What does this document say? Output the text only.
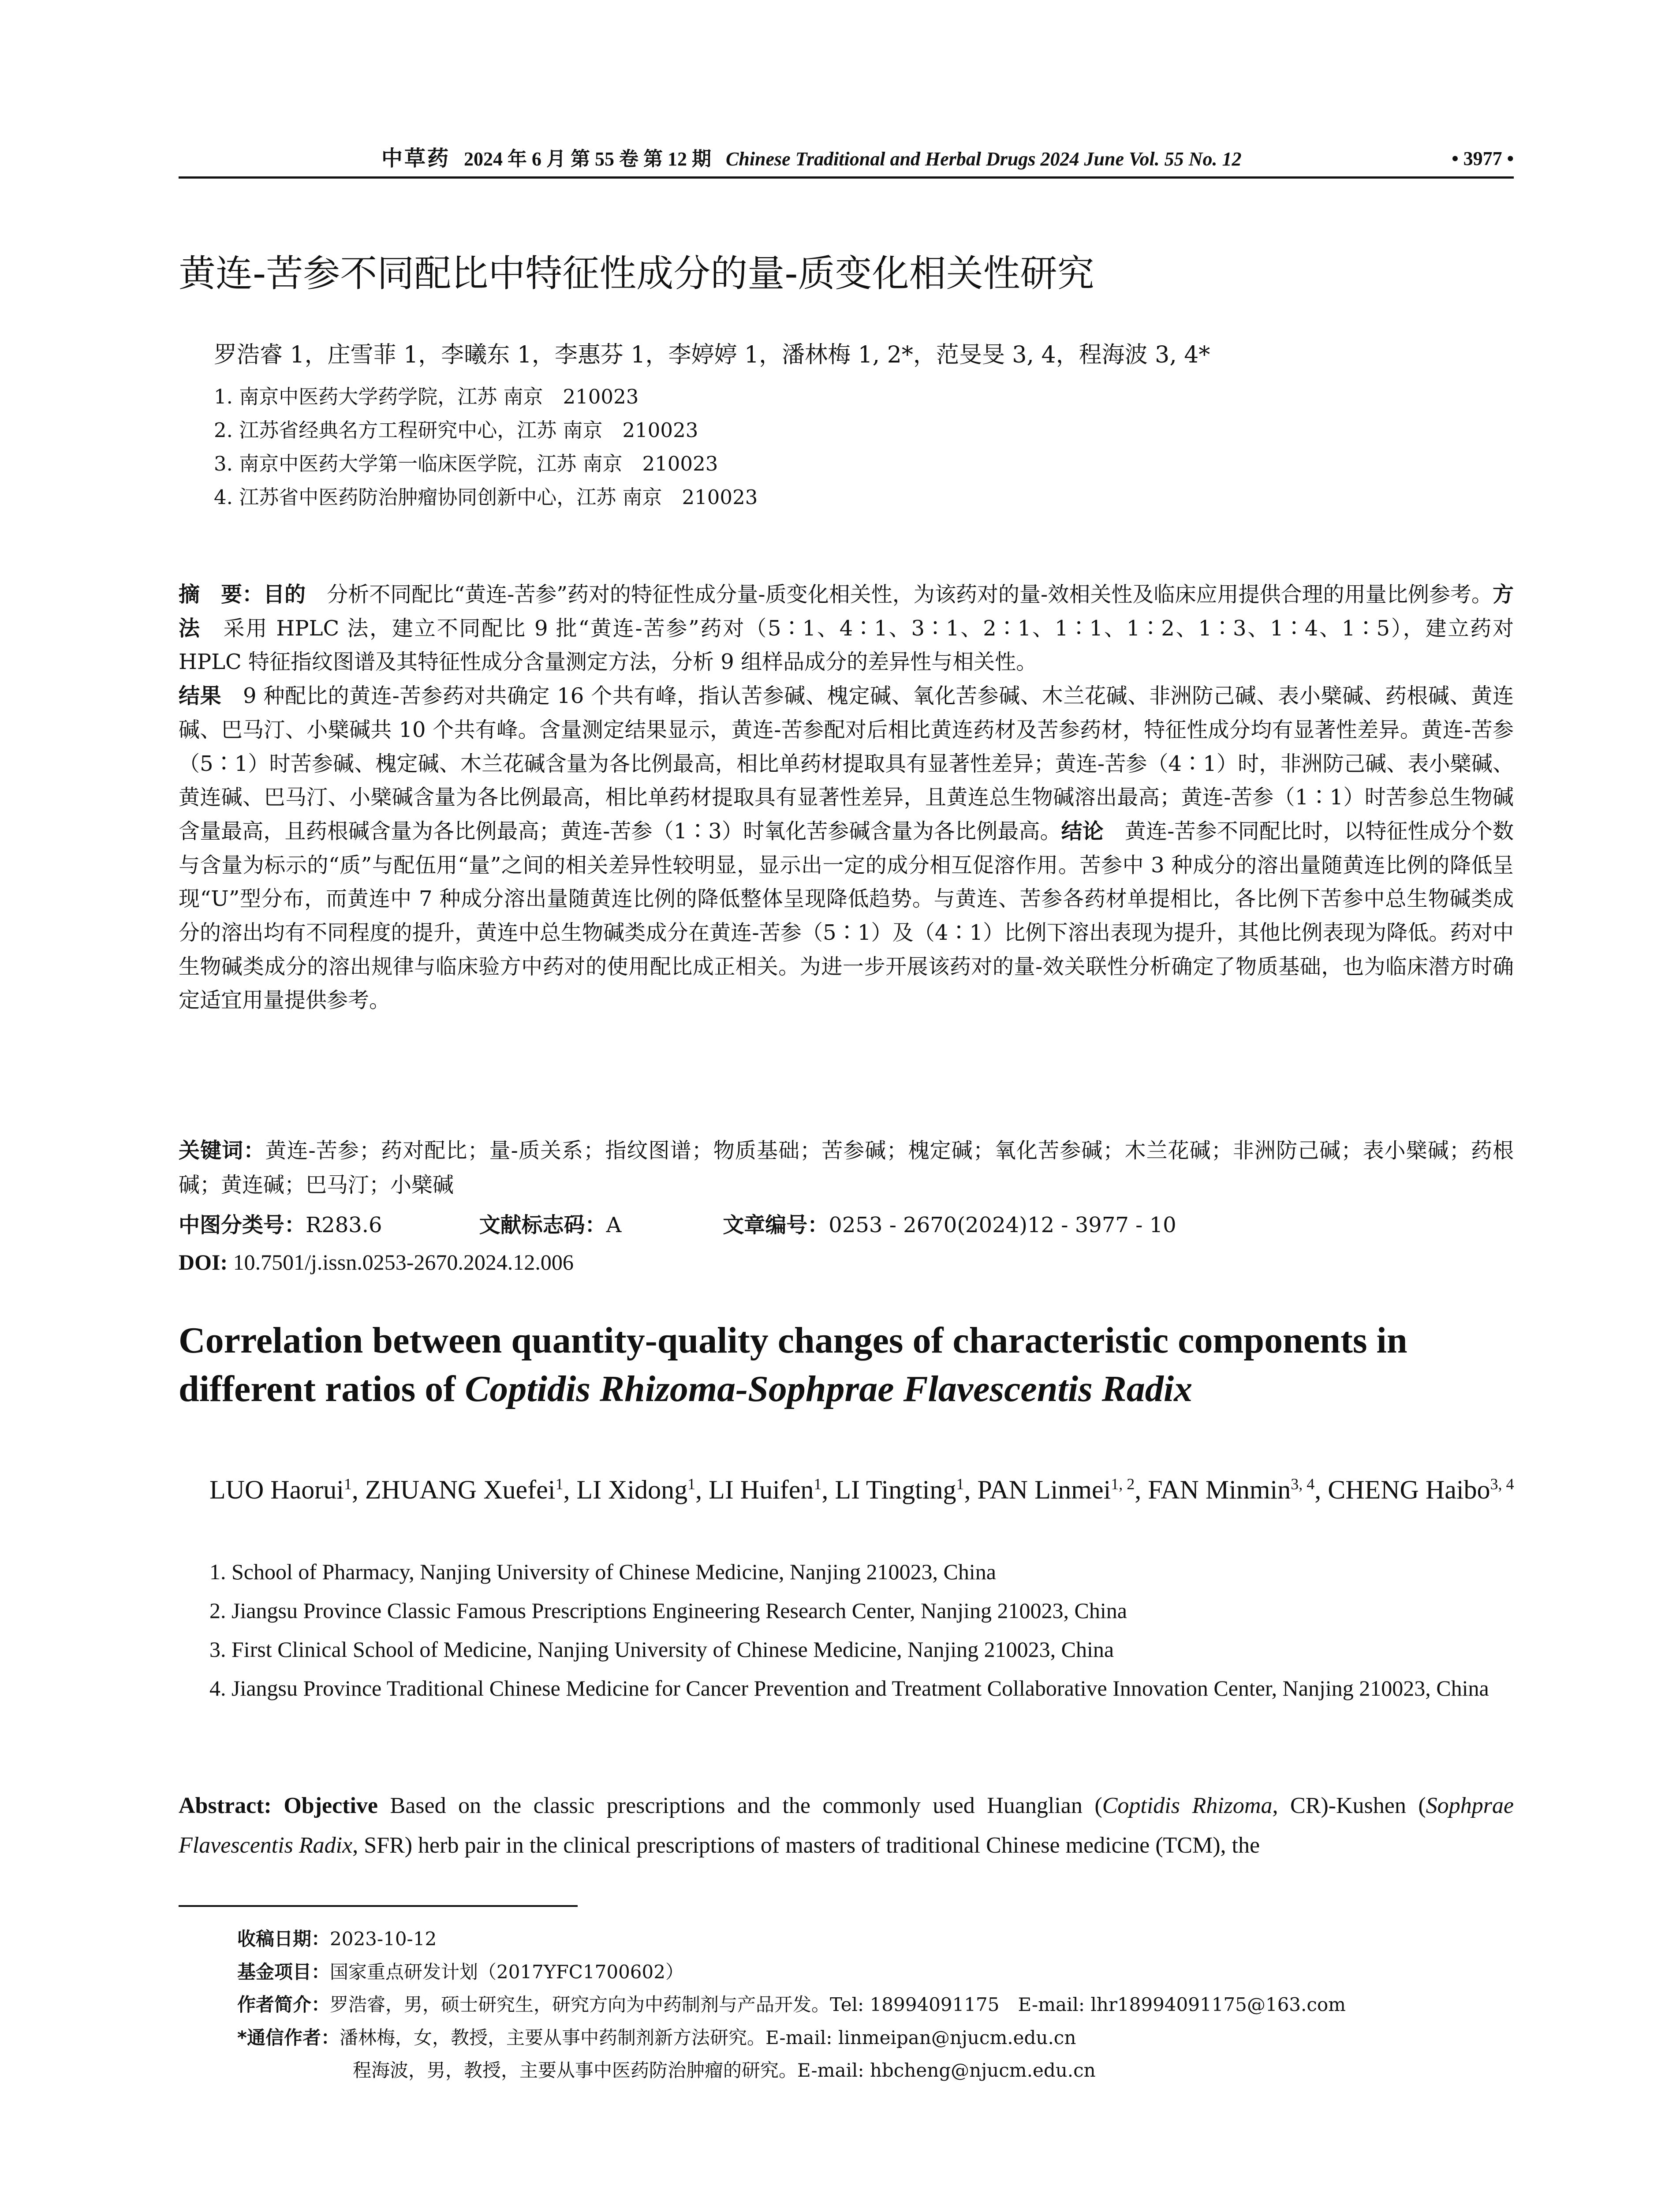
中草药 2024 年 6 月 第 55 卷 第 12 期 Chinese Traditional and Herbal Drugs 2024 June Vol. 55 No. 12	• 3977 •
黄连-苦参不同配比中特征性成分的量-质变化相关性研究
罗浩睿 1，庄雪菲 1，李曦东 1，李惠芬 1，李婷婷 1，潘林梅 1, 2*，范旻旻 3, 4，程海波 3, 4*
1. 南京中医药大学药学院，江苏 南京　210023
2. 江苏省经典名方工程研究中心，江苏 南京　210023
3. 南京中医药大学第一临床医学院，江苏 南京　210023
4. 江苏省中医药防治肿瘤协同创新中心，江苏 南京　210023
摘　要：目的　分析不同配比“黄连-苦参”药对的特征性成分量-质变化相关性，为该药对的量-效相关性及临床应用提供合理的用量比例参考。方法　采用 HPLC 法，建立不同配比 9 批“黄连-苦参”药对（5∶1、4∶1、3∶1、2∶1、1∶1、1∶2、1∶3、1∶4、1∶5），建立药对 HPLC 特征指纹图谱及其特征性成分含量测定方法，分析 9 组样品成分的差异性与相关性。
结果　9 种配比的黄连-苦参药对共确定 16 个共有峰，指认苦参碱、槐定碱、氧化苦参碱、木兰花碱、非洲防己碱、表小檗碱、药根碱、黄连碱、巴马汀、小檗碱共 10 个共有峰。含量测定结果显示，黄连-苦参配对后相比黄连药材及苦参药材，特征性成分均有显著性差异。黄连-苦参（5∶1）时苦参碱、槐定碱、木兰花碱含量为各比例最高，相比单药材提取具有显著性差异；黄连-苦参（4∶1）时，非洲防己碱、表小檗碱、黄连碱、巴马汀、小檗碱含量为各比例最高，相比单药材提取具有显著性差异，且黄连总生物碱溶出最高；黄连-苦参（1∶1）时苦参总生物碱含量最高，且药根碱含量为各比例最高；黄连-苦参（1∶3）时氧化苦参碱含量为各比例最高。结论　黄连-苦参不同配比时，以特征性成分个数与含量为标示的“质”与配伍用“量”之间的相关差异性较明显，显示出一定的成分相互促溶作用。苦参中 3 种成分的溶出量随黄连比例的降低呈现“U”型分布，而黄连中 7 种成分溶出量随黄连比例的降低整体呈现降低趋势。与黄连、苦参各药材单提相比，各比例下苦参中总生物碱类成分的溶出均有不同程度的提升，黄连中总生物碱类成分在黄连-苦参（5∶1）及（4∶1）比例下溶出表现为提升，其他比例表现为降低。药对中生物碱类成分的溶出规律与临床验方中药对的使用配比成正相关。为进一步开展该药对的量-效关联性分析确定了物质基础，也为临床潜方时确定适宜用量提供参考。
关键词：黄连-苦参；药对配比；量-质关系；指纹图谱；物质基础；苦参碱；槐定碱；氧化苦参碱；木兰花碱；非洲防己碱；表小檗碱；药根碱；黄连碱；巴马汀；小檗碱
中图分类号：R283.6	文献标志码：A	文章编号：0253 - 2670(2024)12 - 3977 - 10
DOI: 10.7501/j.issn.0253-2670.2024.12.006
Correlation between quantity-quality changes of characteristic components in different ratios of Coptidis Rhizoma-Sophprae Flavescentis Radix
LUO Haorui$^1$, ZHUANG Xuefei$^1$, LI Xidong$^1$, LI Huifen$^1$, LI Tingting$^1$, PAN Linmei$^{1, 2}$, FAN Minmin$^{3, 4}$, CHENG Haibo$^{3, 4}$
1. School of Pharmacy, Nanjing University of Chinese Medicine, Nanjing 210023, China
2. Jiangsu Province Classic Famous Prescriptions Engineering Research Center, Nanjing 210023, China
3. First Clinical School of Medicine, Nanjing University of Chinese Medicine, Nanjing 210023, China
4. Jiangsu Province Traditional Chinese Medicine for Cancer Prevention and Treatment Collaborative Innovation Center, Nanjing 210023, China
Abstract: Objective Based on the classic prescriptions and the commonly used Huanglian (Coptidis Rhizoma, CR)-Kushen (Sophprae Flavescentis Radix, SFR) herb pair in the clinical prescriptions of masters of traditional Chinese medicine (TCM), the
收稿日期：2023-10-12
基金项目：国家重点研发计划（2017YFC1700602）
作者简介：罗浩睿，男，硕士研究生，研究方向为中药制剂与产品开发。Tel: 18994091175　E-mail: lhr18994091175@163.com
*通信作者：潘林梅，女，教授，主要从事中药制剂新方法研究。E-mail: linmeipan@njucm.edu.cn
程海波，男，教授，主要从事中医药防治肿瘤的研究。E-mail: hbcheng@njucm.edu.cn
